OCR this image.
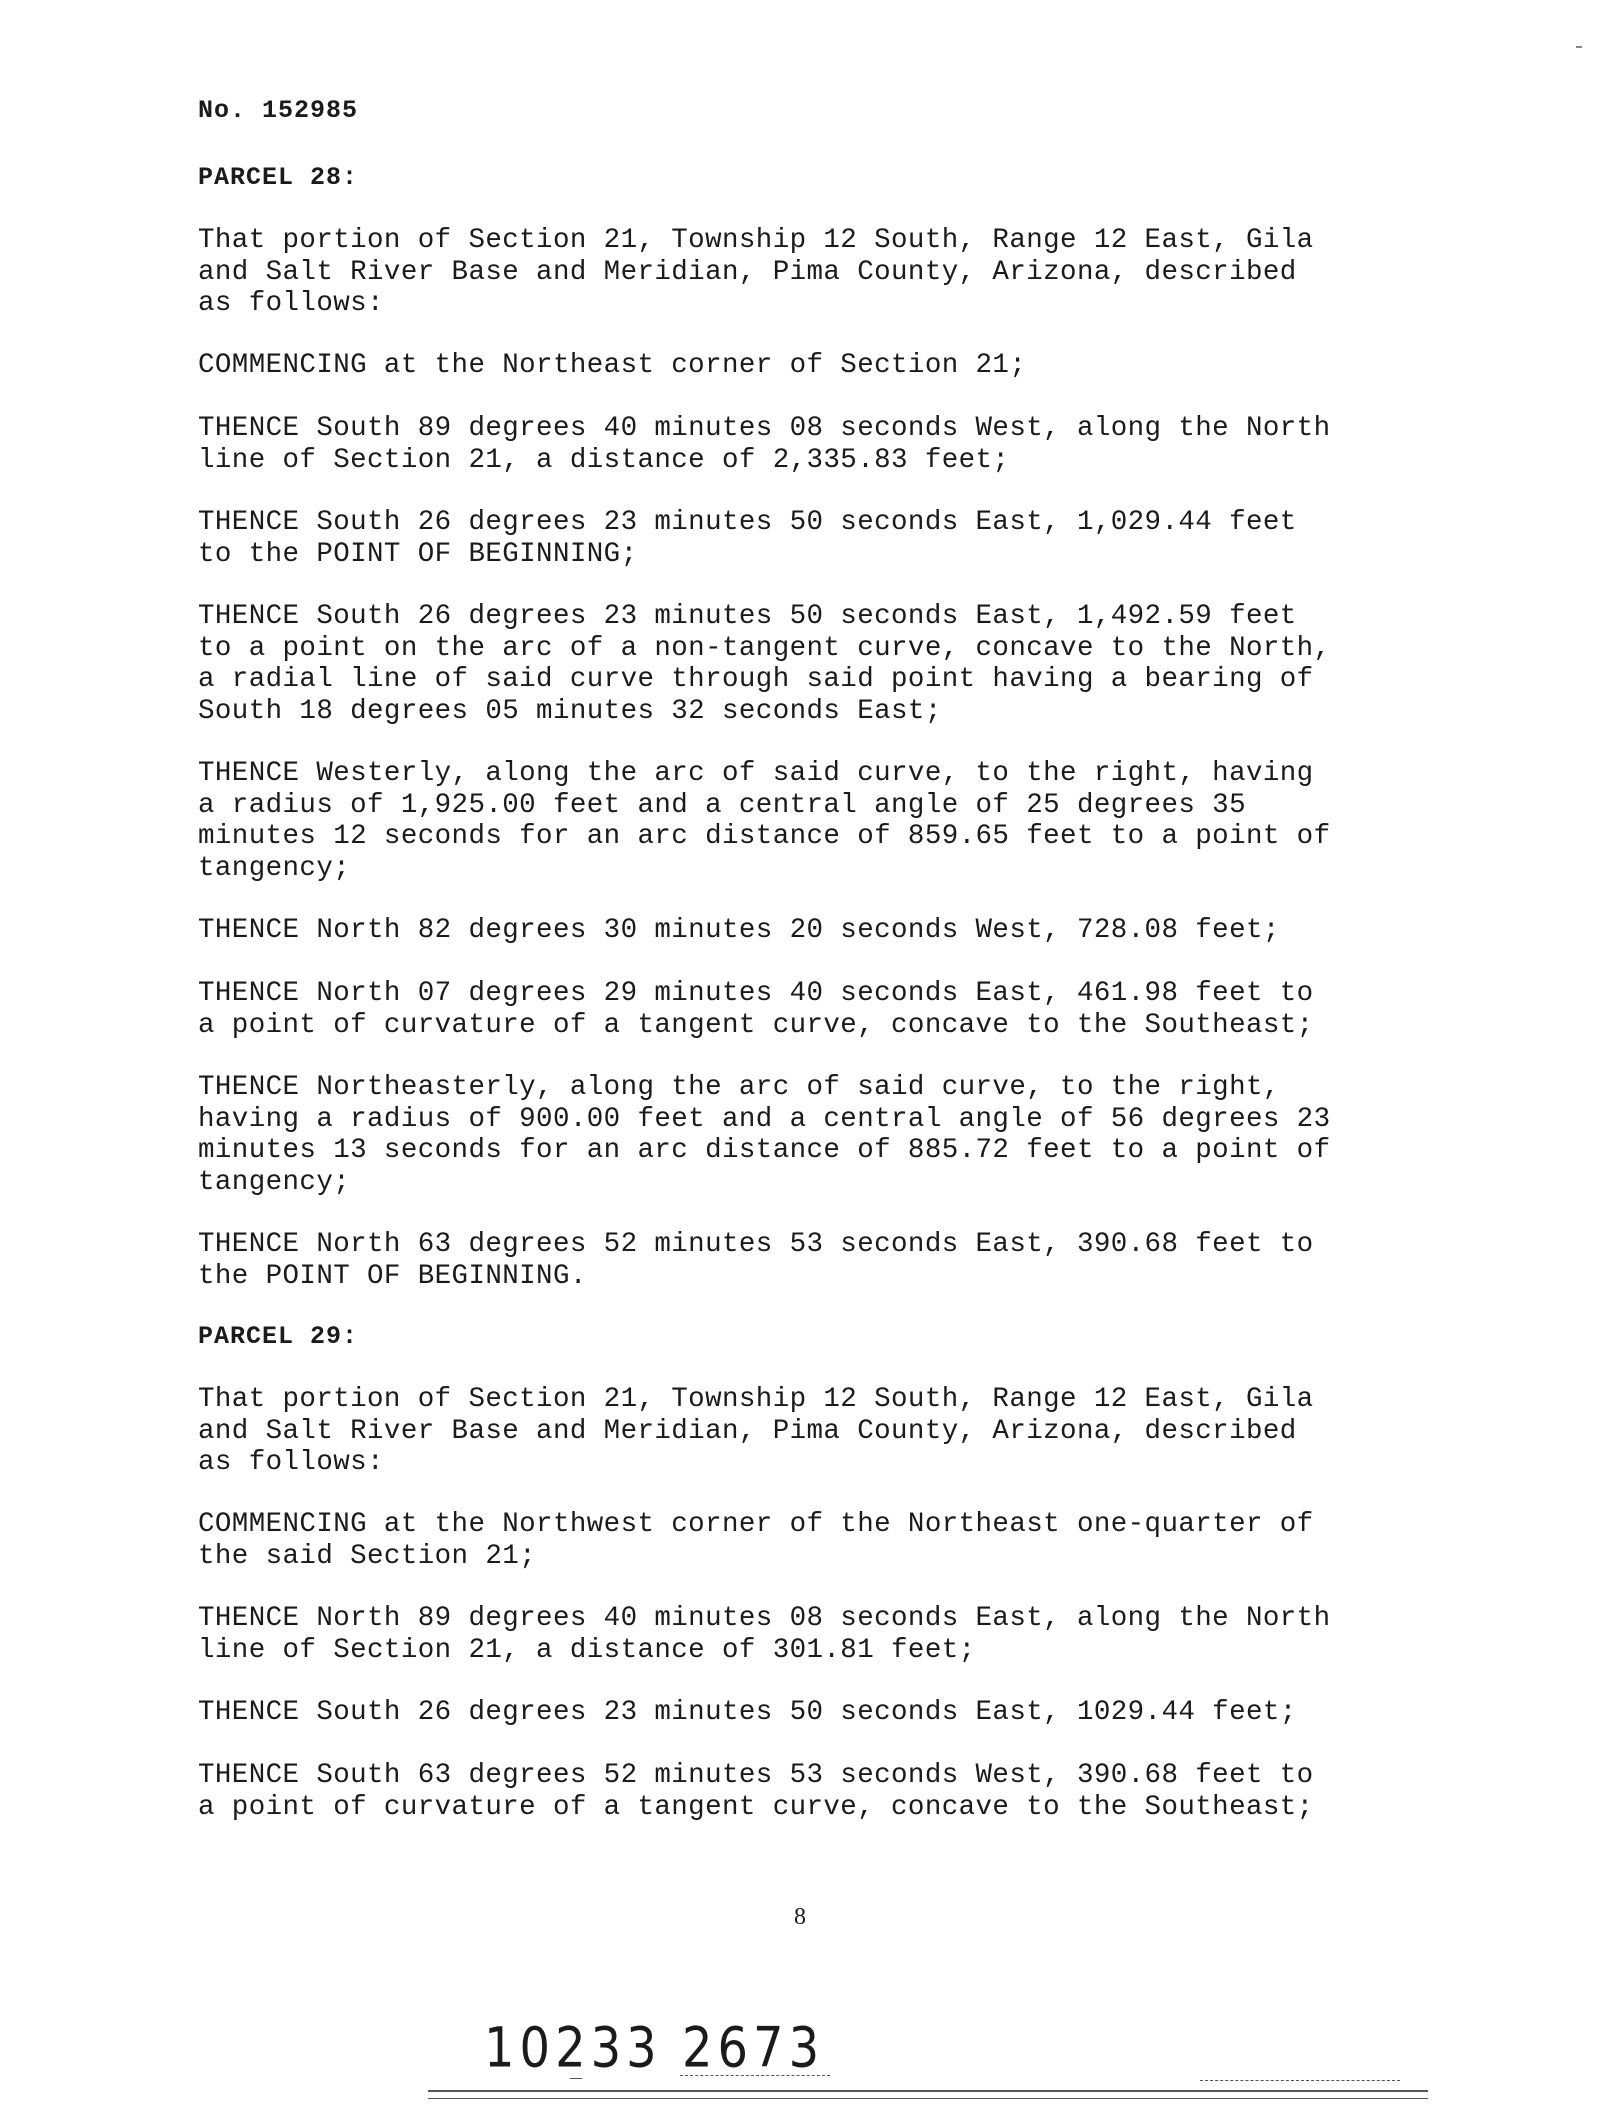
No. 152985
PARCEL 28:
That portion of Section 21, Township 12 South, Range 12 East, Gila
and Salt River Base and Meridian, Pima County, Arizona, described
as follows:
COMMENCING at the Northeast corner of Section 21;
THENCE South 89 degrees 40 minutes 08 seconds West, along the North
line of Section 21, a distance of 2,335.83 feet;
THENCE South 26 degrees 23 minutes 50 seconds East, 1,029.44 feet
to the POINT OF BEGINNING;
THENCE South 26 degrees 23 minutes 50 seconds East, 1,492.59 feet
to a point on the arc of a non-tangent curve, concave to the North,
a radial line of said curve through said point having a bearing of
South 18 degrees 05 minutes 32 seconds East;
THENCE Westerly, along the arc of said curve, to the right, having
a radius of 1,925.00 feet and a central angle of 25 degrees 35
minutes 12 seconds for an arc distance of 859.65 feet to a point of
tangency;
THENCE North 82 degrees 30 minutes 20 seconds West, 728.08 feet;
THENCE North 07 degrees 29 minutes 40 seconds East, 461.98 feet to
a point of curvature of a tangent curve, concave to the Southeast;
THENCE Northeasterly, along the arc of said curve, to the right,
having a radius of 900.00 feet and a central angle of 56 degrees 23
minutes 13 seconds for an arc distance of 885.72 feet to a point of
tangency;
THENCE North 63 degrees 52 minutes 53 seconds East, 390.68 feet to
the POINT OF BEGINNING.
PARCEL 29:
That portion of Section 21, Township 12 South, Range 12 East, Gila
and Salt River Base and Meridian, Pima County, Arizona, described
as follows:
COMMENCING at the Northwest corner of the Northeast one-quarter of
the said Section 21;
THENCE North 89 degrees 40 minutes 08 seconds East, along the North
line of Section 21, a distance of 301.81 feet;
THENCE South 26 degrees 23 minutes 50 seconds East, 1029.44 feet;
THENCE South 63 degrees 52 minutes 53 seconds West, 390.68 feet to
a point of curvature of a tangent curve, concave to the Southeast;
8
10233 2673
